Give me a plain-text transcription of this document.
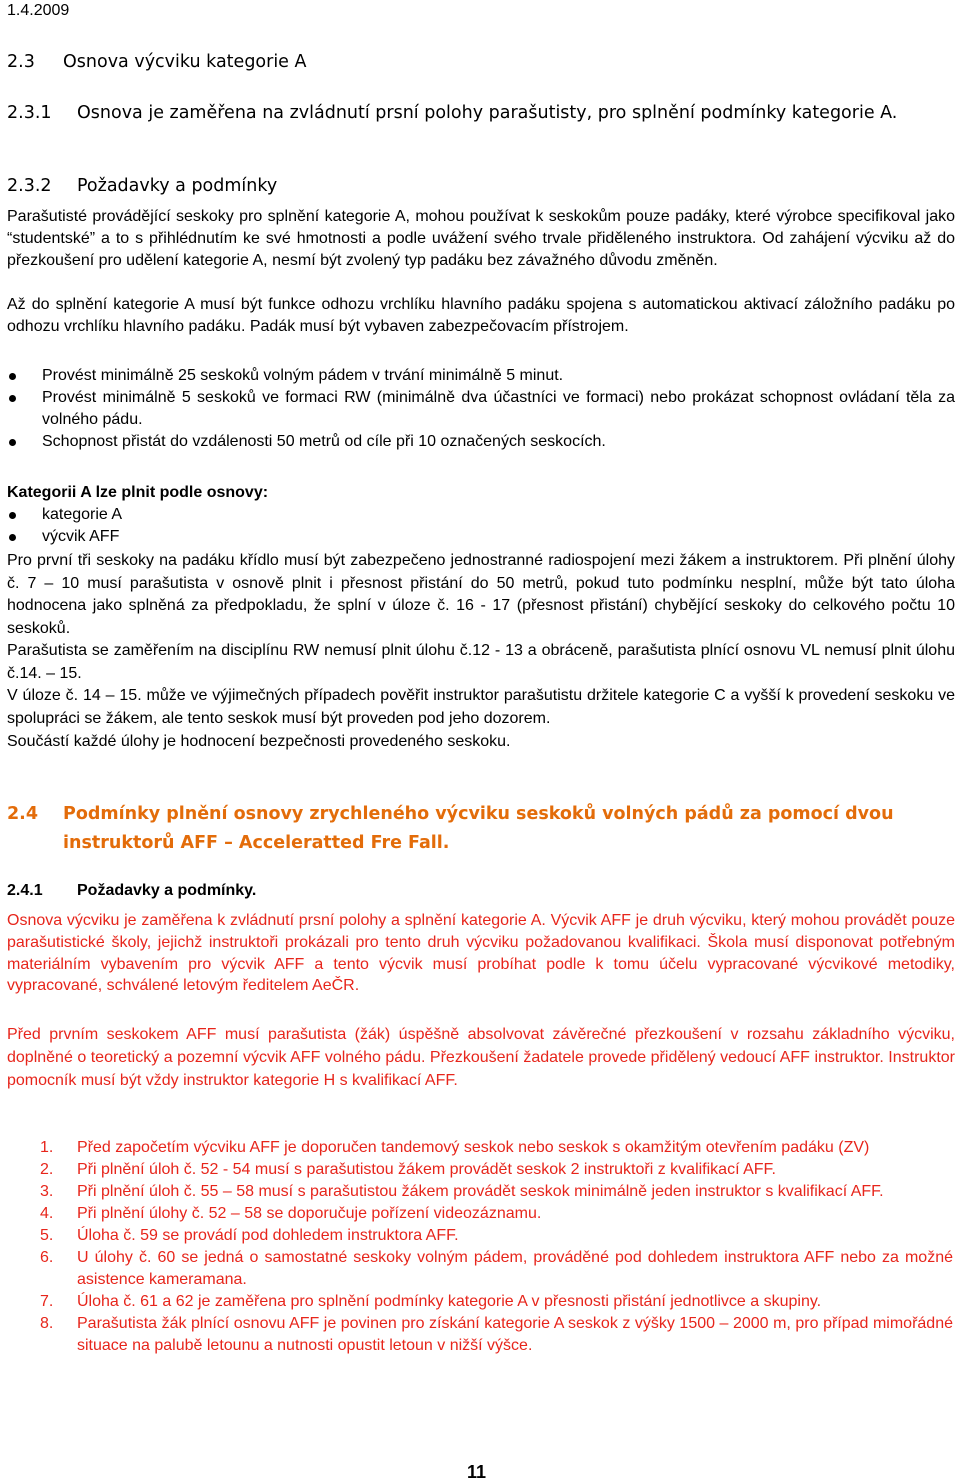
1.4.2009
2.3 Osnova výcviku kategorie A
2.3.1	Osnova je zaměřena na zvládnutí prsní polohy parašutisty, pro splnění podmínky kategorie A.
2.3.2 Požadavky a podmínky
Parašutisté provádějící seskoky pro splnění kategorie A, mohou používat k seskokům pouze padáky, které výrobce specifikoval jako “studentské” a to s přihlédnutím ke své hmotnosti a podle uvážení svého trvale přiděleného instruktora. Od zahájení výcviku až do přezkoušení pro udělení kategorie A, nesmí být zvolený typ padáku bez závažného důvodu změněn.
Až do splnění kategorie A musí být funkce odhozu vrchlíku hlavního padáku spojena s automatickou aktivací záložního padáku po odhozu vrchlíku hlavního padáku. Padák musí být vybaven zabezpečovacím přístrojem.
Provést minimálně 25 seskoků volným pádem v trvání minimálně 5 minut.
Provést minimálně 5 seskoků ve formaci RW (minimálně dva účastníci ve formaci) nebo prokázat schopnost ovládaní těla za volného pádu.
Schopnost přistát do vzdálenosti 50 metrů od cíle při 10 označených seskocích.
Kategorii A lze plnit podle osnovy:
kategorie A
výcvik AFF
Pro první tři seskoky na padáku křídlo musí být zabezpečeno jednostranné radiospojení mezi žákem a instruktorem. Při plnění úlohy č. 7 – 10 musí parašutista v osnově plnit i přesnost přistání do 50 metrů, pokud tuto podmínku nesplní, může být tato úloha hodnocena jako splněná za předpokladu, že splní v úloze č. 16 - 17 (přesnost přistání) chybějící seskoky do celkového počtu 10 seskoků.
Parašutista se zaměřením na disciplínu RW nemusí plnit úlohu č.12 - 13 a obráceně, parašutista plnící osnovu VL nemusí plnit úlohu č.14. – 15.
V úloze č. 14 – 15. může ve výjimečných případech pověřit instruktor parašutistu držitele kategorie C a vyšší k provedení seskoku ve spolupráci se žákem, ale tento seskok musí být proveden pod jeho dozorem.
Součástí každé úlohy je hodnocení bezpečnosti provedeného seskoku.
2.4 Podmínky plnění osnovy zrychleného výcviku seskoků volných pádů za pomocí dvou
instruktorů AFF – Acceleratted Fre Fall.
2.4.1 Požadavky a podmínky.
Osnova výcviku je zaměřena k zvládnutí prsní polohy a splnění kategorie A. Výcvik AFF je druh výcviku, který mohou provádět pouze parašutistické školy, jejichž instruktoři prokázali pro tento druh výcviku požadovanou kvalifikaci. Škola musí disponovat potřebným materiálním vybavením pro výcvik AFF a tento výcvik musí probíhat podle k tomu účelu vypracované výcvikové metodiky, vypracované, schválené letovým ředitelem AeČR.
Před prvním seskokem AFF musí parašutista (žák) úspěšně absolvovat závěrečné přezkoušení v rozsahu základního výcviku, doplněné o teoretický a pozemní výcvik AFF volného pádu. Přezkoušení žadatele provede přidělený vedoucí AFF instruktor. Instruktor pomocník musí být vždy instruktor kategorie H s kvalifikací AFF.
1. Před započetím výcviku AFF je doporučen tandemový seskok nebo seskok s okamžitým otevřením padáku (ZV)
2. Při plnění úloh č. 52 - 54 musí s parašutistou žákem provádět seskok 2 instruktoři z kvalifikací AFF.
3. Při plnění úloh č. 55 – 58 musí s parašutistou žákem provádět seskok minimálně jeden instruktor s kvalifikací AFF.
4. Při plnění úlohy č. 52 – 58 se doporučuje pořízení videozáznamu.
5. Úloha č. 59 se provádí pod dohledem instruktora AFF.
6. U úlohy č. 60 se jedná o samostatné seskoky volným pádem, prováděné pod dohledem instruktora AFF nebo za možné asistence kameramana.
7. Úloha č. 61 a 62 je zaměřena pro splnění podmínky kategorie A v přesnosti přistání jednotlivce a skupiny.
8. Parašutista žák plnící osnovu AFF je povinen pro získání kategorie A seskok z výšky 1500 – 2000 m, pro případ mimořádné situace na palubě letounu a nutnosti opustit letoun v nižší výšce.
11
